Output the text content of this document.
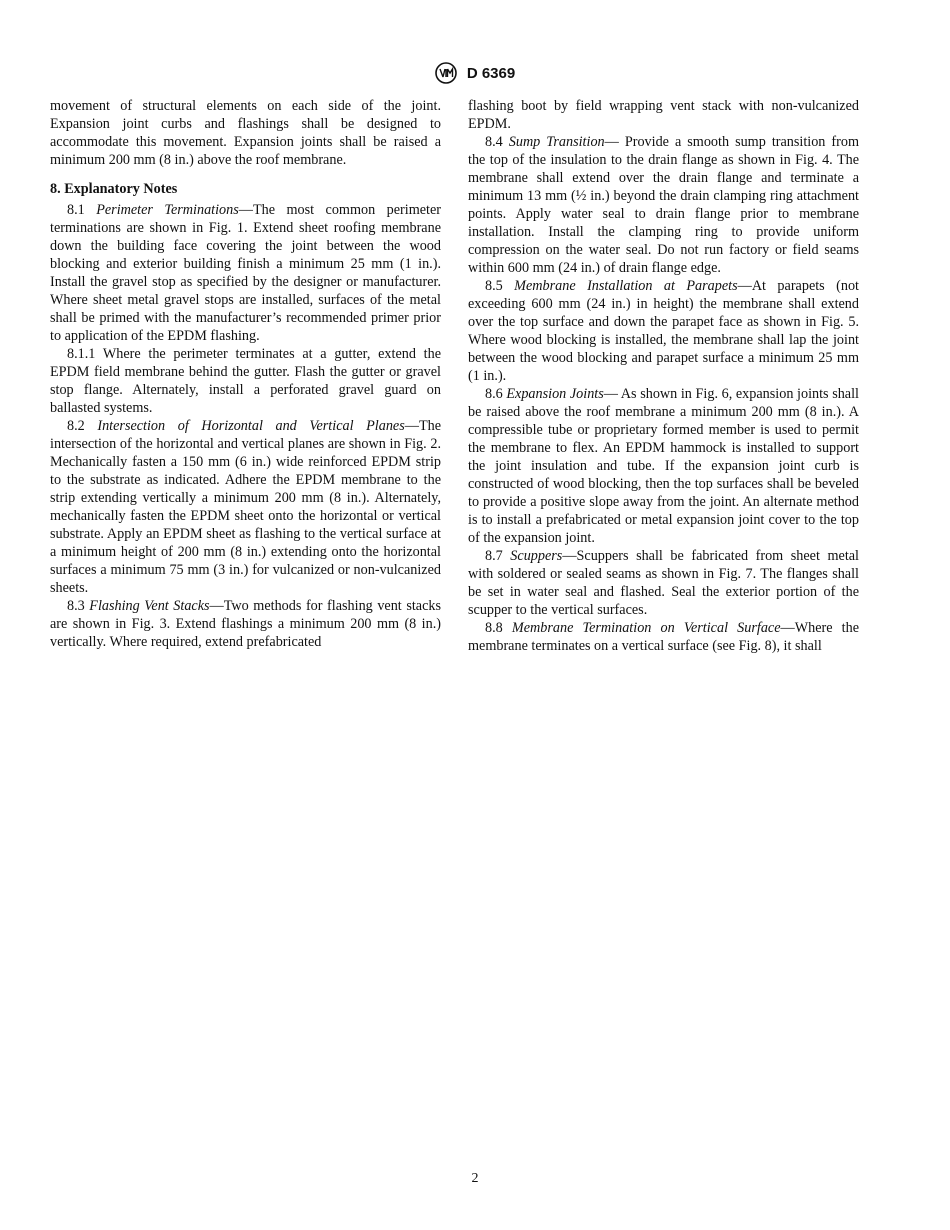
D 6369

movement of structural elements on each side of the joint. Expansion joint curbs and flashings shall be designed to accommodate this movement. Expansion joints shall be raised a minimum 200 mm (8 in.) above the roof membrane.

8. Explanatory Notes

8.1 Perimeter Terminations—The most common perimeter terminations are shown in Fig. 1. Extend sheet roofing membrane down the building face covering the joint between the wood blocking and exterior building finish a minimum 25 mm (1 in.). Install the gravel stop as specified by the designer or manufacturer. Where sheet metal gravel stops are installed, surfaces of the metal shall be primed with the manufacturer’s recommended primer prior to application of the EPDM flashing.

8.1.1 Where the perimeter terminates at a gutter, extend the EPDM field membrane behind the gutter. Flash the gutter or gravel stop flange. Alternately, install a perforated gravel guard on ballasted systems.

8.2 Intersection of Horizontal and Vertical Planes—The intersection of the horizontal and vertical planes are shown in Fig. 2. Mechanically fasten a 150 mm (6 in.) wide reinforced EPDM strip to the substrate as indicated. Adhere the EPDM membrane to the strip extending vertically a minimum 200 mm (8 in.). Alternately, mechanically fasten the EPDM sheet onto the horizontal or vertical substrate. Apply an EPDM sheet as flashing to the vertical surface at a minimum height of 200 mm (8 in.) extending onto the horizontal surfaces a minimum 75 mm (3 in.) for vulcanized or non-vulcanized sheets.

8.3 Flashing Vent Stacks—Two methods for flashing vent stacks are shown in Fig. 3. Extend flashings a minimum 200 mm (8 in.) vertically. Where required, extend prefabricated

flashing boot by field wrapping vent stack with non-vulcanized EPDM.

8.4 Sump Transition— Provide a smooth sump transition from the top of the insulation to the drain flange as shown in Fig. 4. The membrane shall extend over the drain flange and terminate a minimum 13 mm (½ in.) beyond the drain clamping ring attachment points. Apply water seal to drain flange prior to membrane installation. Install the clamping ring to provide uniform compression on the water seal. Do not run factory or field seams within 600 mm (24 in.) of drain flange edge.

8.5 Membrane Installation at Parapets—At parapets (not exceeding 600 mm (24 in.) in height) the membrane shall extend over the top surface and down the parapet face as shown in Fig. 5. Where wood blocking is installed, the membrane shall lap the joint between the wood blocking and parapet surface a minimum 25 mm (1 in.).

8.6 Expansion Joints— As shown in Fig. 6, expansion joints shall be raised above the roof membrane a minimum 200 mm (8 in.). A compressible tube or proprietary formed member is used to permit the membrane to flex. An EPDM hammock is installed to support the joint insulation and tube. If the expansion joint curb is constructed of wood blocking, then the top surfaces shall be beveled to provide a positive slope away from the joint. An alternate method is to install a prefabricated or metal expansion joint cover to the top of the expansion joint.

8.7 Scuppers—Scuppers shall be fabricated from sheet metal with soldered or sealed seams as shown in Fig. 7. The flanges shall be set in water seal and flashed. Seal the exterior portion of the scupper to the vertical surfaces.

8.8 Membrane Termination on Vertical Surface—Where the membrane terminates on a vertical surface (see Fig. 8), it shall

2
